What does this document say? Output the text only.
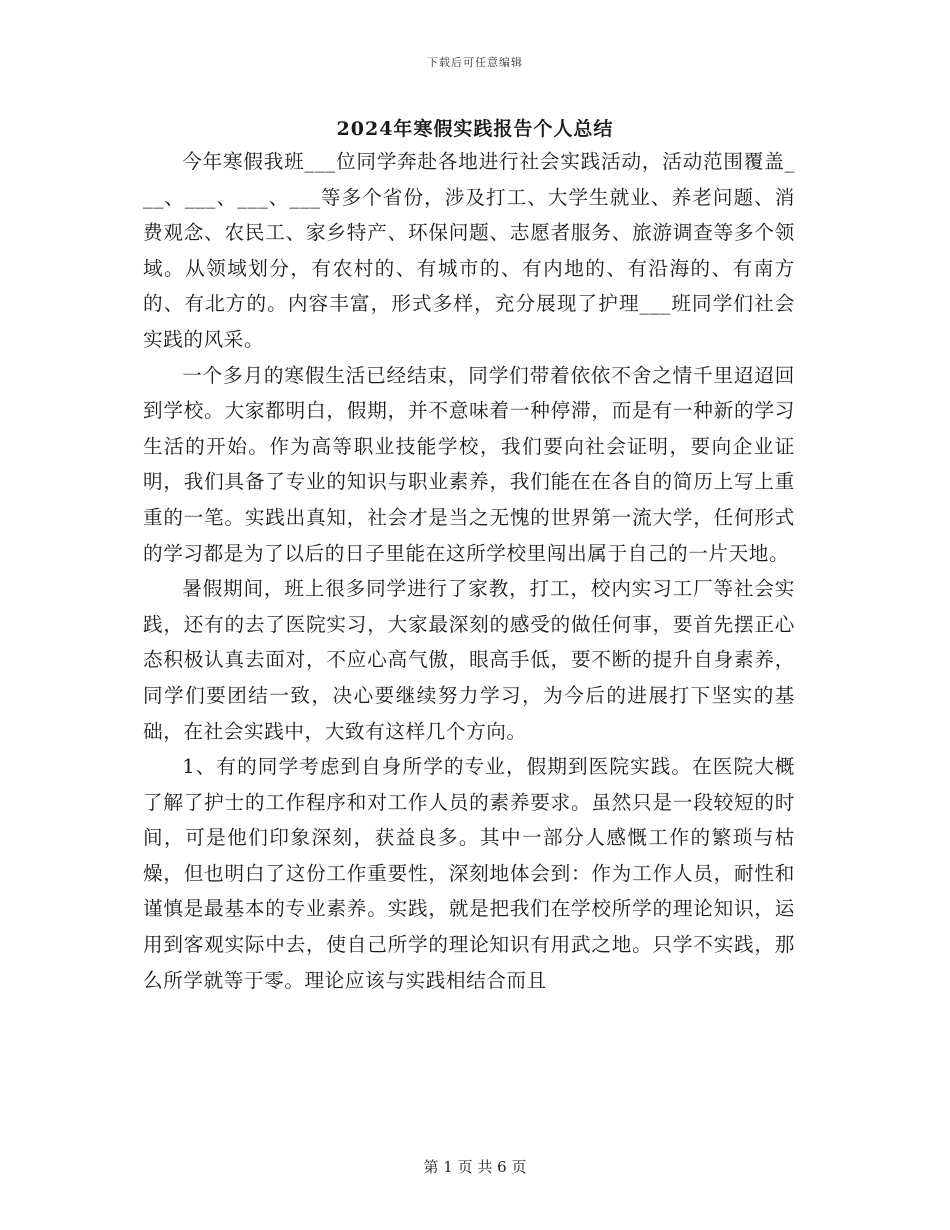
下载后可任意编辑
2024年寒假实践报告个人总结

今年寒假我班___位同学奔赴各地进行社会实践活动，活动范围覆盖___、___、___、___等多个省份，涉及打工、大学生就业、养老问题、消费观念、农民工、家乡特产、环保问题、志愿者服务、旅游调查等多个领域。从领域划分，有农村的、有城市的、有内地的、有沿海的、有南方的、有北方的。内容丰富，形式多样，充分展现了护理___班同学们社会实践的风采。

一个多月的寒假生活已经结束，同学们带着依依不舍之情千里迢迢回到学校。大家都明白，假期，并不意味着一种停滞，而是有一种新的学习生活的开始。作为高等职业技能学校，我们要向社会证明，要向企业证明，我们具备了专业的知识与职业素养，我们能在在各自的简历上写上重重的一笔。实践出真知，社会才是当之无愧的世界第一流大学，任何形式的学习都是为了以后的日子里能在这所学校里闯出属于自己的一片天地。

暑假期间，班上很多同学进行了家教，打工，校内实习工厂等社会实践，还有的去了医院实习，大家最深刻的感受的做任何事，要首先摆正心态积极认真去面对，不应心高气傲，眼高手低，要不断的提升自身素养，同学们要团结一致，决心要继续努力学习，为今后的进展打下坚实的基础，在社会实践中，大致有这样几个方向。

1、有的同学考虑到自身所学的专业，假期到医院实践。在医院大概了解了护士的工作程序和对工作人员的素养要求。虽然只是一段较短的时间，可是他们印象深刻，获益良多。其中一部分人感慨工作的繁琐与枯燥，但也明白了这份工作重要性，深刻地体会到：作为工作人员，耐性和谨慎是最基本的专业素养。实践，就是把我们在学校所学的理论知识，运用到客观实际中去，使自己所学的理论知识有用武之地。只学不实践，那么所学就等于零。理论应该与实践相结合而且

第 1 页 共 6 页
